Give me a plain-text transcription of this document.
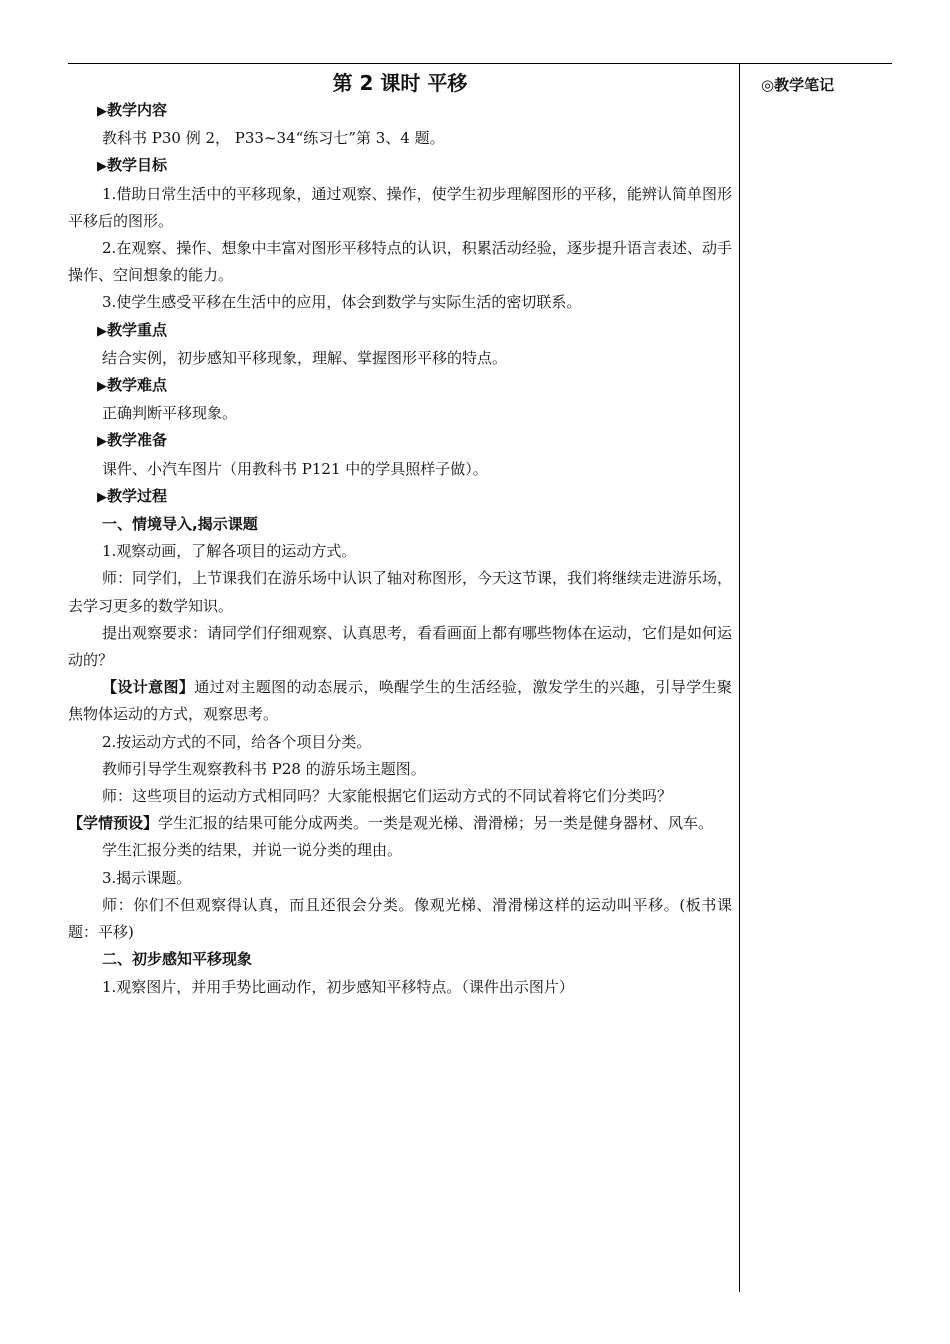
◎教学笔记
第 2 课时 平移

▶教学内容

教科书 P30 例 2， P33~34“练习七”第 3、4 题。

▶教学目标

1.借助日常生活中的平移现象，通过观察、操作，使学生初步理解图形的平移，能辨认简单图形平移后的图形。

2.在观察、操作、想象中丰富对图形平移特点的认识，积累活动经验，逐步提升语言表述、动手操作、空间想象的能力。

3.使学生感受平移在生活中的应用，体会到数学与实际生活的密切联系。

▶教学重点

结合实例，初步感知平移现象，理解、掌握图形平移的特点。

▶教学难点

正确判断平移现象。

▶教学准备

课件、小汽车图片（用教科书 P121 中的学具照样子做）。

▶教学过程

一、情境导入,揭示课题

1.观察动画，了解各项目的运动方式。

师：同学们，上节课我们在游乐场中认识了轴对称图形，今天这节课，我们将继续走进游乐场，去学习更多的数学知识。

提出观察要求：请同学们仔细观察、认真思考，看看画面上都有哪些物体在运动，它们是如何运动的？

【设计意图】通过对主题图的动态展示，唤醒学生的生活经验，激发学生的兴趣，引导学生聚焦物体运动的方式，观察思考。

2.按运动方式的不同，给各个项目分类。

教师引导学生观察教科书 P28 的游乐场主题图。

师：这些项目的运动方式相同吗？大家能根据它们运动方式的不同试着将它们分类吗？

【学情预设】学生汇报的结果可能分成两类。一类是观光梯、滑滑梯；另一类是健身器材、风车。

学生汇报分类的结果，并说一说分类的理由。

3.揭示课题。

师：你们不但观察得认真，而且还很会分类。像观光梯、滑滑梯这样的运动叫平移。(板书课题：平移)

二、初步感知平移现象

1.观察图片，并用手势比画动作，初步感知平移特点。（课件出示图片）
